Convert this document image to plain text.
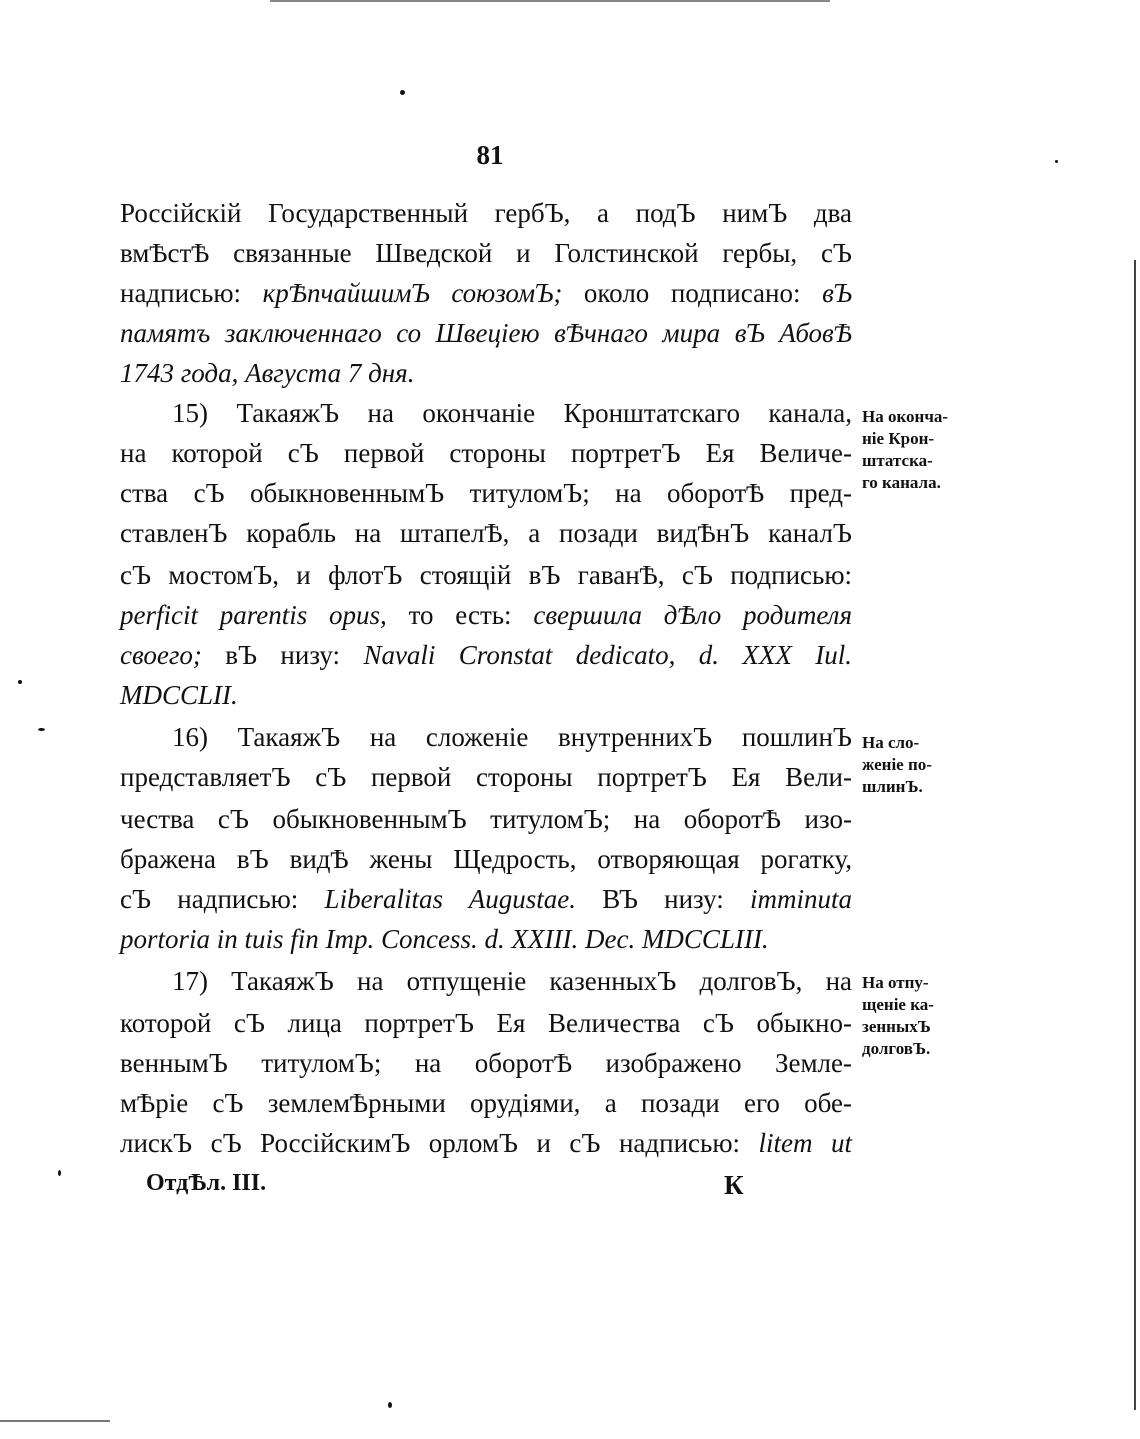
81
Россійскій Государственный гербЪ, а подЪ нимЪ два
вмѢстѢ связанные Шведской и Голстинской гербы, сЪ
надписью: крѢпчайшимЪ союзомЪ; около подписано: вЪ
памятъ заключеннаго со Швеціею вѢчнаго мира вЪ АбовѢ
1743 года, Августа 7 дня.
15) ТакаяжЪ на окончаніе Кронштатскаго канала,
на которой сЪ первой стороны портретЪ Ея Величе-
ства сЪ обыкновеннымЪ титуломЪ; на оборотѢ пред-
ставленЪ корабль на штапелѢ, а позади видѢнЪ каналЪ
сЪ мостомЪ, и флотЪ стоящій вЪ гаванѢ, сЪ подписью:
perficit parentis opus, то есть: свершила дѢло родителя
своего; вЪ низу: Navali Cronstat dedicato, d. XXX Iul.
MDCCLII.
16) ТакаяжЪ на сложеніе внутреннихЪ пошлинЪ
представляетЪ сЪ первой стороны портретЪ Ея Вели-
чества сЪ обыкновеннымЪ титуломЪ; на оборотѢ изо-
бражена вЪ видѢ жены Щедрость, отворяющая рогатку,
сЪ надписью: Liberalitas Augustae. ВЪ низу: imminuta
portoria in tuis fin Imp. Concess. d. XXIII. Dec. MDCCLIII.
17) ТакаяжЪ на отпущеніе казенныхЪ долговЪ, на
которой сЪ лица портретЪ Ея Величества сЪ обыкно-
веннымЪ титуломЪ; на оборотѢ изображено Земле-
мѢріе сЪ землемѢрными орудіями, а позади его обе-
лискЪ сЪ РоссійскимЪ орломЪ и сЪ надписью: litem ut
На оконча-
ніе Крон-
штатска-
го канала.
На сло-
женіе по-
шлинЪ.
На отпу-
щеніе ка-
зенныхЪ
долговЪ.
ОтдѢл. III.	К
